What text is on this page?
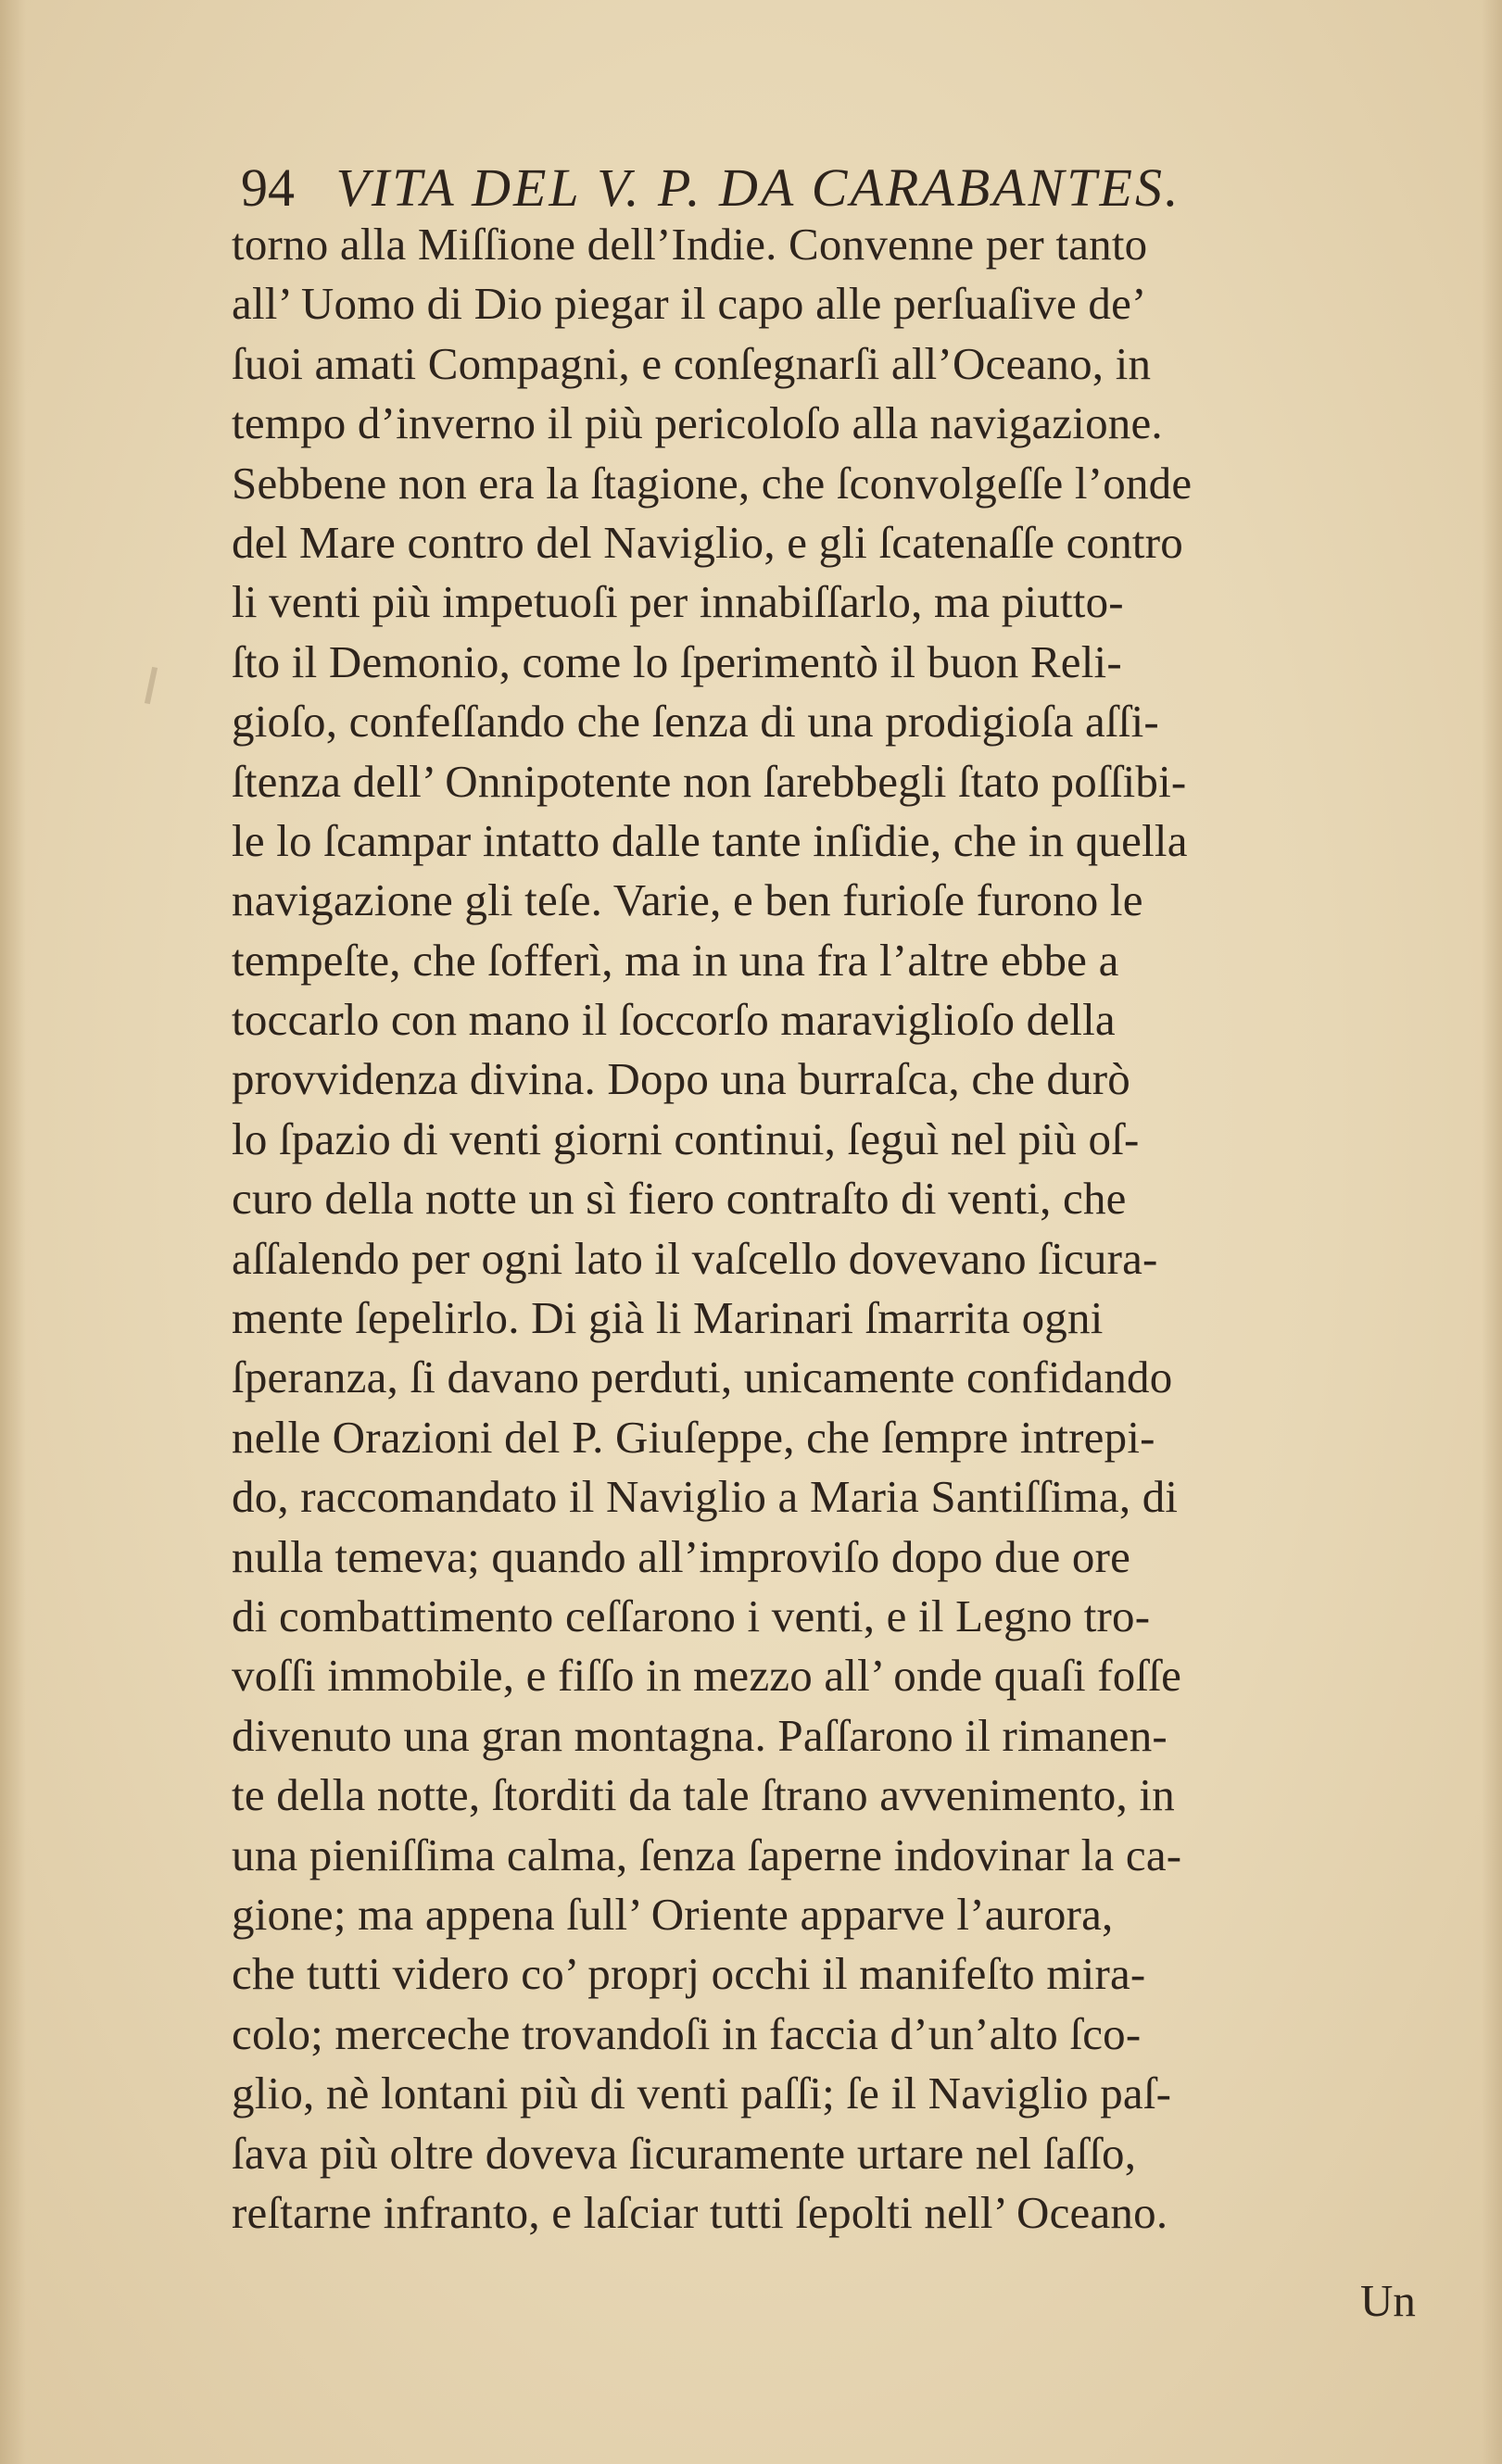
94 VITA DEL V. P. DA CARABANTES.
torno alla Miſſione dell’Indie. Convenne per tanto
all’ Uomo di Dio piegar il capo alle perſuaſive de’
ſuoi amati Compagni, e conſegnarſi all’Oceano, in
tempo d’inverno il più pericoloſo alla navigazione.
Sebbene non era la ſtagione, che ſconvolgeſſe l’onde
del Mare contro del Naviglio, e gli ſcatenaſſe contro
li venti più impetuoſi per innabiſſarlo, ma piutto-
ſto il Demonio, come lo ſperimentò il buon Reli-
gioſo, confeſſando che ſenza di una prodigioſa aſſi-
ſtenza dell’ Onnipotente non ſarebbegli ſtato poſſibi-
le lo ſcampar intatto dalle tante inſidie, che in quella
navigazione gli teſe. Varie, e ben furioſe furono le
tempeſte, che ſofferì, ma in una fra l’altre ebbe a
toccarlo con mano il ſoccorſo maraviglioſo della
provvidenza divina. Dopo una burraſca, che durò
lo ſpazio di venti giorni continui, ſeguì nel più oſ-
curo della notte un sì fiero contraſto di venti, che
aſſalendo per ogni lato il vaſcello dovevano ſicura-
mente ſepelirlo. Di già li Marinari ſmarrita ogni
ſperanza, ſi davano perduti, unicamente confidando
nelle Orazioni del P. Giuſeppe, che ſempre intrepi-
do, raccomandato il Naviglio a Maria Santiſſima, di
nulla temeva; quando all’improviſo dopo due ore
di combattimento ceſſarono i venti, e il Legno tro-
voſſi immobile, e fiſſo in mezzo all’ onde quaſi foſſe
divenuto una gran montagna. Paſſarono il rimanen-
te della notte, ſtorditi da tale ſtrano avvenimento, in
una pieniſſima calma, ſenza ſaperne indovinar la ca-
gione; ma appena ſull’ Oriente apparve l’aurora,
che tutti videro co’ proprj occhi il manifeſto mira-
colo; merceche trovandoſi in faccia d’un’alto ſco-
glio, nè lontani più di venti paſſi; ſe il Naviglio paſ-
ſava più oltre doveva ſicuramente urtare nel ſaſſo,
reſtarne infranto, e laſciar tutti ſepolti nell’ Oceano.
Un
